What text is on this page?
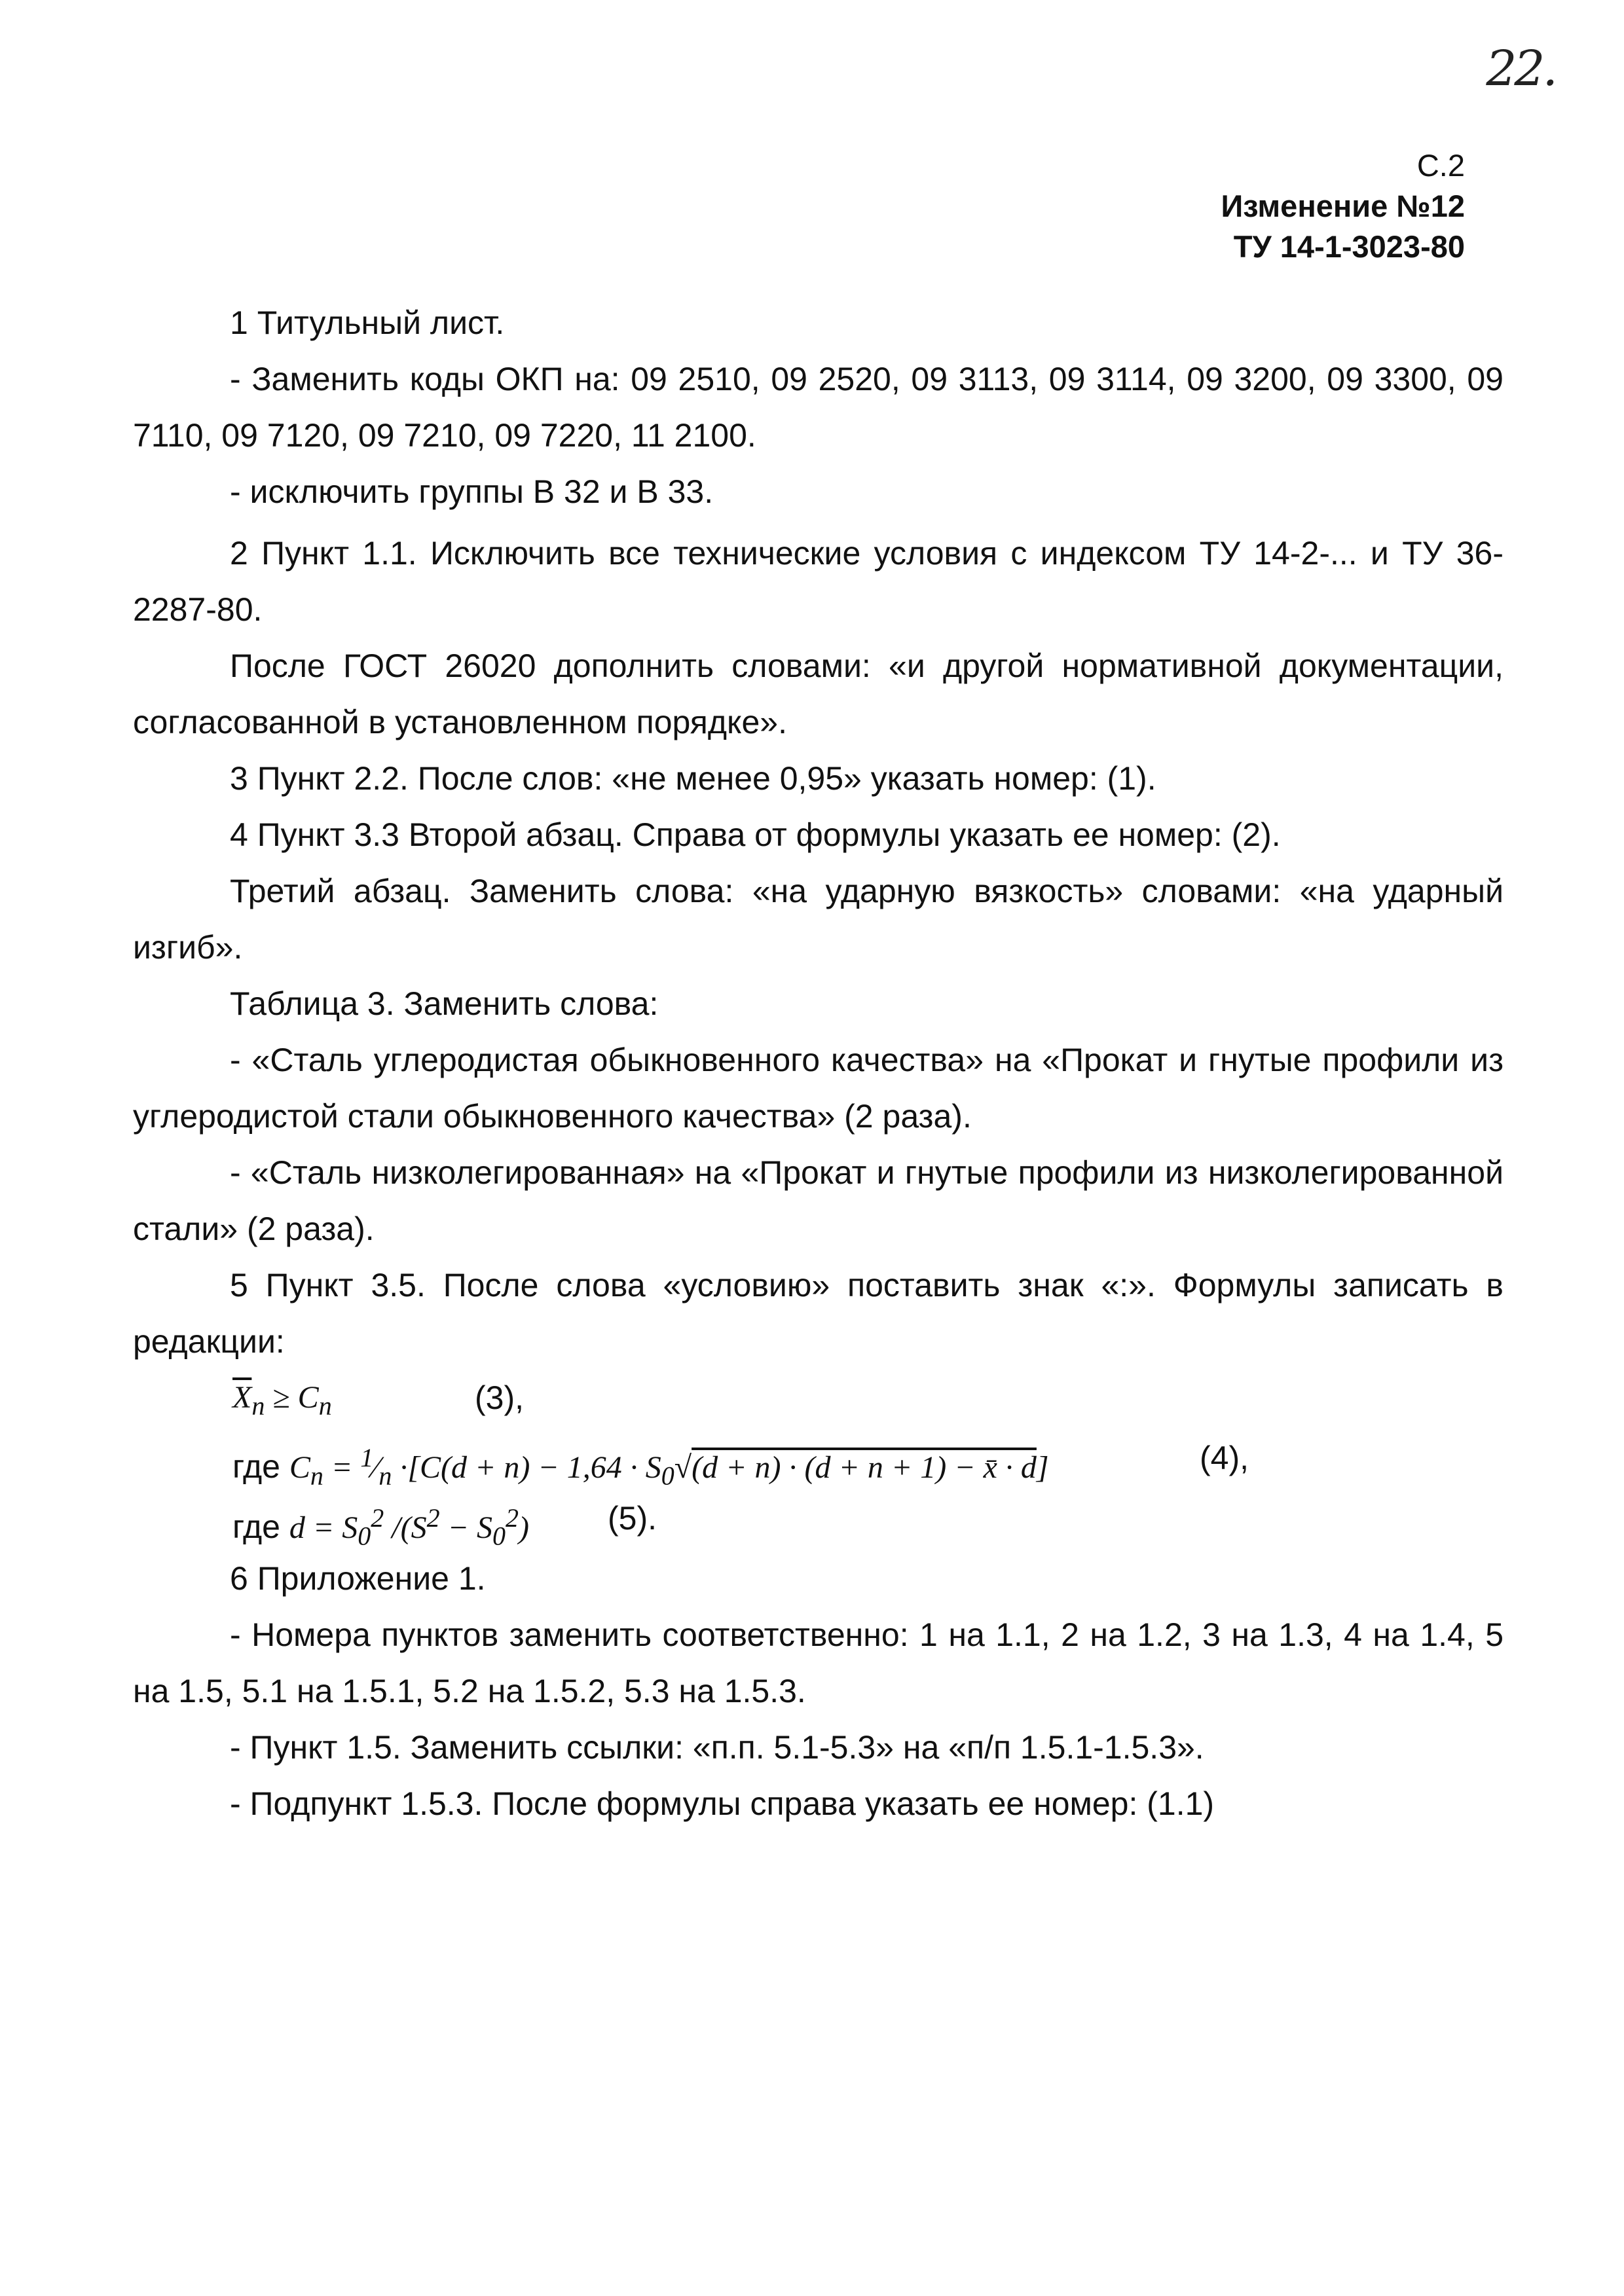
22.
С.2
Изменение №12
ТУ 14-1-3023-80

1 Титульный лист.

- Заменить коды ОКП на: 09 2510, 09 2520, 09 3113, 09 3114, 09 3200, 09 3300, 09 7110, 09 7120, 09 7210, 09 7220, 11 2100.

- исключить группы В 32 и В 33.

2 Пункт 1.1. Исключить все технические условия с индексом ТУ 14-2-... и ТУ 36-2287-80.

После ГОСТ 26020 дополнить словами: «и другой нормативной документации, согласованной в установленном порядке».

3 Пункт 2.2. После слов: «не менее 0,95» указать номер: (1).

4 Пункт 3.3 Второй абзац. Справа от формулы указать ее номер: (2).

Третий абзац. Заменить слова: «на ударную вязкость» словами: «на ударный изгиб».

Таблица 3. Заменить слова:

- «Сталь углеродистая обыкновенного качества» на «Прокат и гнутые профили из углеродистой стали обыкновенного качества» (2 раза).

- «Сталь низколегированная» на «Прокат и гнутые профили из низколегированной стали» (2 раза).

5 Пункт 3.5. После слова «условию» поставить знак «:». Формулы записать в редакции:

$\overline{X}_n \ge C_n$	(3),
где $C_n$ = $^1⁄_n \cdot[C(d + n) - 1,64 \cdot S_0√(d + n) \cdot (d + n + 1)$ − x̄ · d]	(4),
где $d = S_0^2$ $/(S^2 - S_0^2)$ (5).

6 Приложение 1.

- Номера пунктов заменить соответственно: 1 на 1.1, 2 на 1.2, 3 на 1.3, 4 на 1.4, 5 на 1.5, 5.1 на 1.5.1, 5.2 на 1.5.2, 5.3 на 1.5.3.

- Пункт 1.5. Заменить ссылки: «п.п. 5.1-5.3» на «п/п 1.5.1-1.5.3».

- Подпункт 1.5.3. После формулы справа указать ее номер: (1.1)
